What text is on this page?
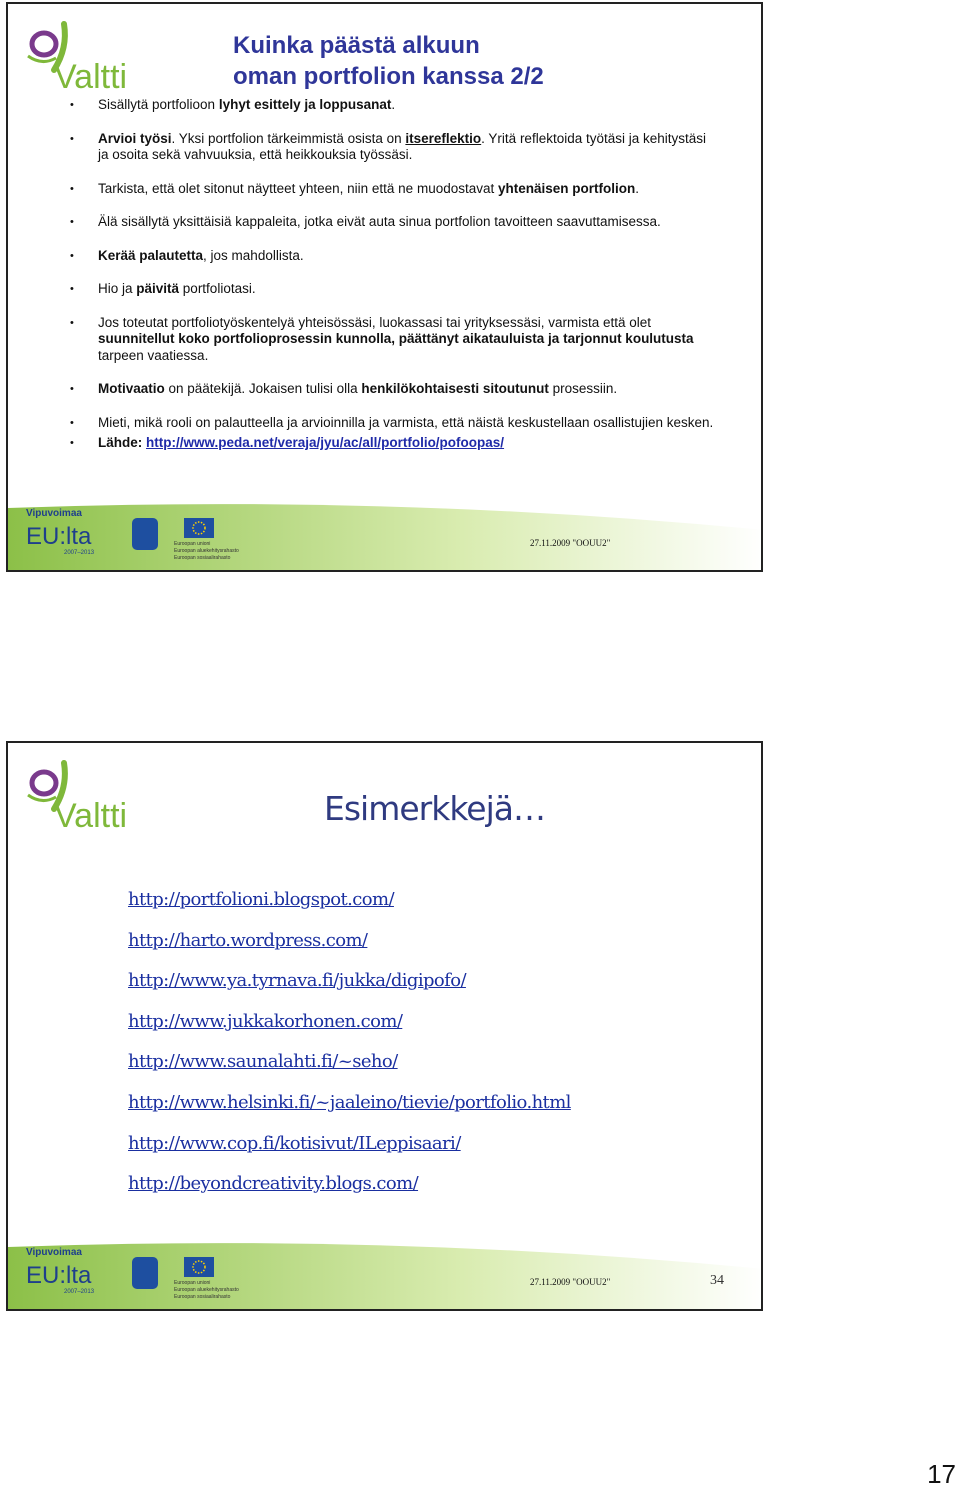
Valtti
Kuinka päästä alkuun
oman portfolion kanssa 2/2
• Sisällytä portfolioon lyhyt esittely ja loppusanat.
• Arvioi työsi. Yksi portfolion tärkeimmistä osista on itsereflektio. Yritä reflektoida työtäsi ja kehitystäsi ja osoita sekä vahvuuksia, että heikkouksia työssäsi.
• Tarkista, että olet sitonut näytteet yhteen, niin että ne muodostavat yhtenäisen portfolion.
• Älä sisällytä yksittäisiä kappaleita, jotka eivät auta sinua portfolion tavoitteen saavuttamisessa.
• Kerää palautetta, jos mahdollista.
• Hio ja päivitä portfoliotasi.
• Jos toteutat portfoliotyöskentelyä yhteisössäsi, luokassasi tai yrityksessäsi, varmista että olet suunnitellut koko portfolioprosessin kunnolla, päättänyt aikatauluista ja tarjonnut koulutusta tarpeen vaatiessa.
• Motivaatio on päätekijä. Jokaisen tulisi olla henkilökohtaisesti sitoutunut prosessiin.
• Mieti, mikä rooli on palautteella ja arvioinnilla ja varmista, että näistä keskustellaan osallistujien kesken.
• Lähde: http://www.peda.net/veraja/jyu/ac/all/portfolio/pofoopas/
Vipuvoimaa
EU:lta
2007–2013
Euroopan unioni
Euroopan aluekehitysrahasto
Euroopan sosiaalirahasto
27.11.2009 "OOUU2"
Valtti	Esimerkkejä…
http://portfolioni.blogspot.com/
http://harto.wordpress.com/
http://www.ya.tyrnava.fi/jukka/digipofo/
http://www.jukkakorhonen.com/
http://www.saunalahti.fi/~seho/
http://www.helsinki.fi/~jaaleino/tievie/portfolio.html
http://www.cop.fi/kotisivut/ILeppisaari/
http://beyondcreativity.blogs.com/
Vipuvoimaa
EU:lta
2007–2013
Euroopan unioni
Euroopan aluekehitysrahasto
Euroopan sosiaalirahasto
27.11.2009 "OOUU2"	34
17
